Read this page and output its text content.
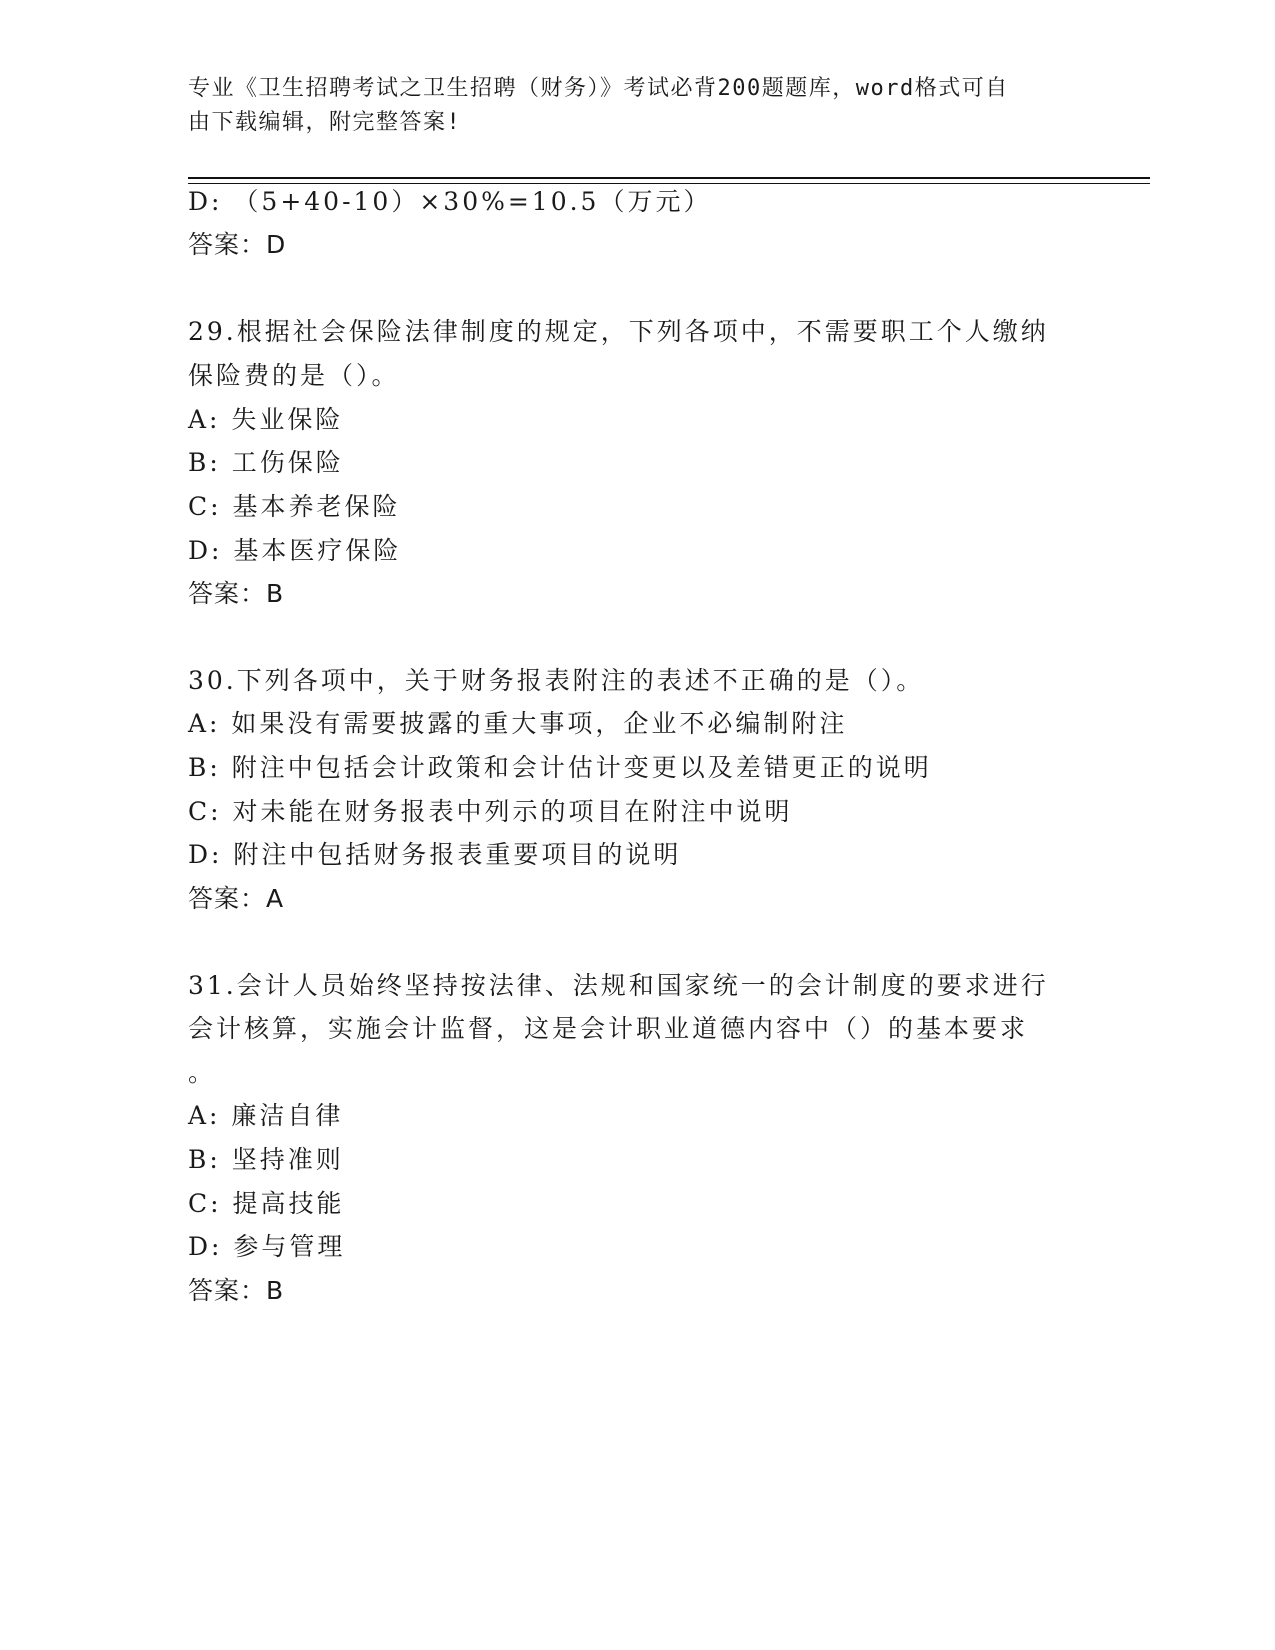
专业《卫生招聘考试之卫生招聘（财务）》考试必背200题题库，word格式可自
由下载编辑，附完整答案!
D: （5+40-10）×30%=10.5（万元）
答案：D
29.根据社会保险法律制度的规定，下列各项中，不需要职工个人缴纳
保险费的是（）。
A: 失业保险
B: 工伤保险
C: 基本养老保险
D: 基本医疗保险
答案：B
30.下列各项中，关于财务报表附注的表述不正确的是（）。
A: 如果没有需要披露的重大事项，企业不必编制附注
B: 附注中包括会计政策和会计估计变更以及差错更正的说明
C: 对未能在财务报表中列示的项目在附注中说明
D: 附注中包括财务报表重要项目的说明
答案：A
31.会计人员始终坚持按法律、法规和国家统一的会计制度的要求进行
会计核算，实施会计监督，这是会计职业道德内容中（）的基本要求
。
A: 廉洁自律
B: 坚持准则
C: 提高技能
D: 参与管理
答案：B
